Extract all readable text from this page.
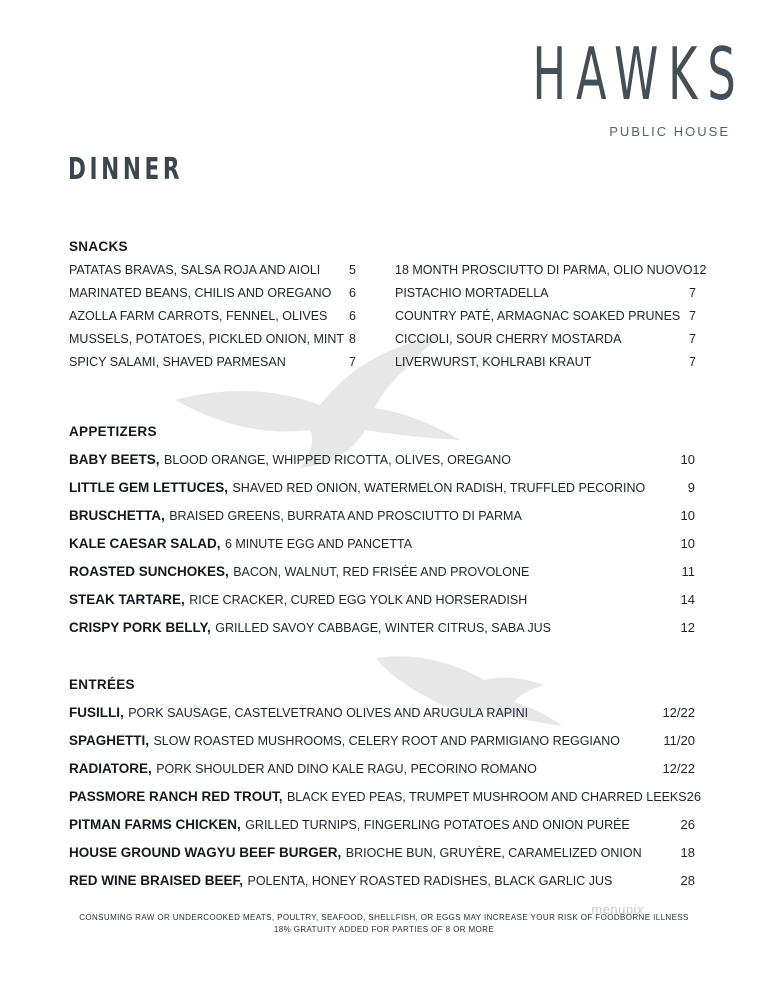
menupix
HAWKS
PUBLIC HOUSE
DINNER
SNACKS
PATATAS BRAVAS, SALSA ROJA AND AIOLI 5
MARINATED BEANS, CHILIS AND OREGANO 6
AZOLLA FARM CARROTS, FENNEL, OLIVES 6
MUSSELS, POTATOES, PICKLED ONION, MINT 8
SPICY SALAMI, SHAVED PARMESAN	7
18 MONTH PROSCIUTTO DI PARMA, OLIO NUOVO 12
PISTACHIO MORTADELLA	7
COUNTRY PATÉ, ARMAGNAC SOAKED PRUNES 7
CICCIOLI, SOUR CHERRY MOSTARDA	7
LIVERWURST, KOHLRABI KRAUT	7
APPETIZERS
BABY BEETS, BLOOD ORANGE, WHIPPED RICOTTA, OLIVES, OREGANO	10
LITTLE GEM LETTUCES, SHAVED RED ONION, WATERMELON RADISH, TRUFFLED PECORINO	9
BRUSCHETTA, BRAISED GREENS, BURRATA AND PROSCIUTTO DI PARMA	10
KALE CAESAR SALAD, 6 MINUTE EGG AND PANCETTA	10
ROASTED SUNCHOKES, BACON, WALNUT, RED FRISÉE AND PROVOLONE	11
STEAK TARTARE, RICE CRACKER, CURED EGG YOLK AND HORSERADISH	14
CRISPY PORK BELLY, GRILLED SAVOY CABBAGE, WINTER CITRUS, SABA JUS	12
ENTRÉES
FUSILLI, PORK SAUSAGE, CASTELVETRANO OLIVES AND ARUGULA RAPINI	12/22
SPAGHETTI, SLOW ROASTED MUSHROOMS, CELERY ROOT AND PARMIGIANO REGGIANO	11/20
RADIATORE, PORK SHOULDER AND DINO KALE RAGU, PECORINO ROMANO	12/22
PASSMORE RANCH RED TROUT, BLACK EYED PEAS, TRUMPET MUSHROOM AND CHARRED LEEKS 26
PITMAN FARMS CHICKEN, GRILLED TURNIPS, FINGERLING POTATOES AND ONION PURÉE	26
HOUSE GROUND WAGYU BEEF BURGER, BRIOCHE BUN, GRUYÈRE, CARAMELIZED ONION	18
RED WINE BRAISED BEEF, POLENTA, HONEY ROASTED RADISHES, BLACK GARLIC JUS	28
CONSUMING RAW OR UNDERCOOKED MEATS, POULTRY, SEAFOOD, SHELLFISH, OR EGGS MAY INCREASE YOUR RISK OF FOODBORNE ILLNESS
18% GRATUITY ADDED FOR PARTIES OF 8 OR MORE
